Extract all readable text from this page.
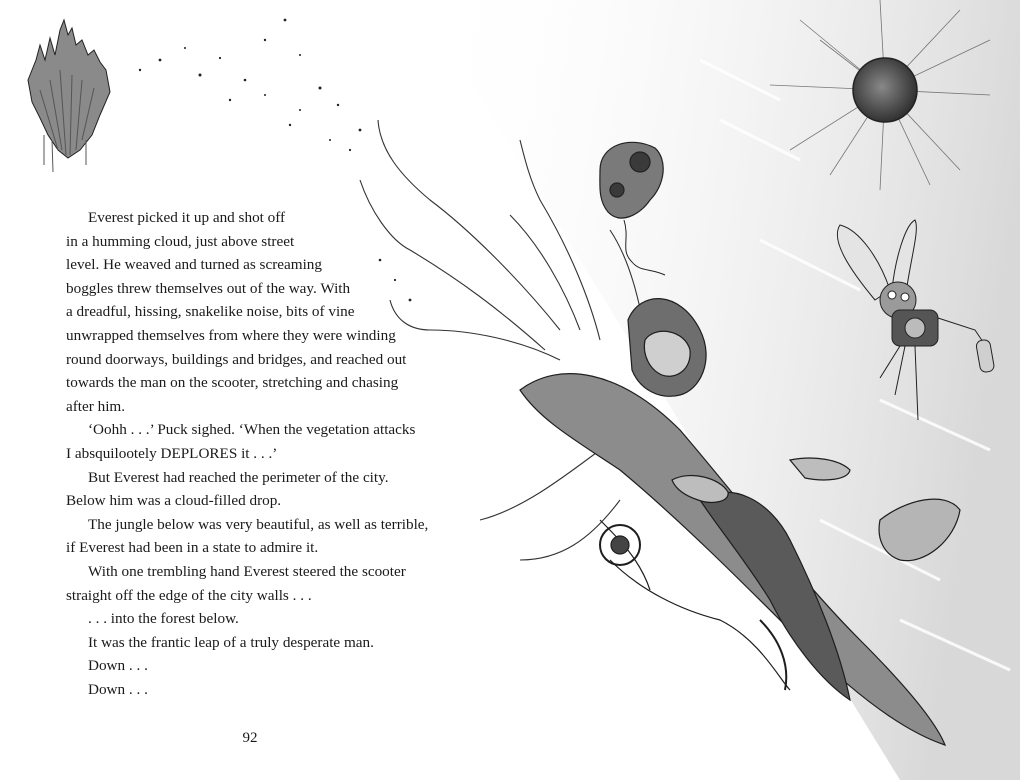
Everest picked it up and shot off

in a humming cloud, just above street

level. He weaved and turned as screaming

boggles threw themselves out of the way. With

a dreadful, hissing, snakelike noise, bits of vine

unwrapped themselves from where they were winding

round doorways, buildings and bridges, and reached out

towards the man on the scooter, stretching and chasing

after him.

‘Oohh . . .’ Puck sighed. ‘When the vegetation attacks

I absquilootely DEPLORES it . . .’

But Everest had reached the perimeter of the city.

Below him was a cloud-filled drop.

The jungle below was very beautiful, as well as terrible,

if Everest had been in a state to admire it.

With one trembling hand Everest steered the scooter

straight off the edge of the city walls . . .

. . . into the forest below.

It was the frantic leap of a truly desperate man.

Down . . .

Down . . .

92
